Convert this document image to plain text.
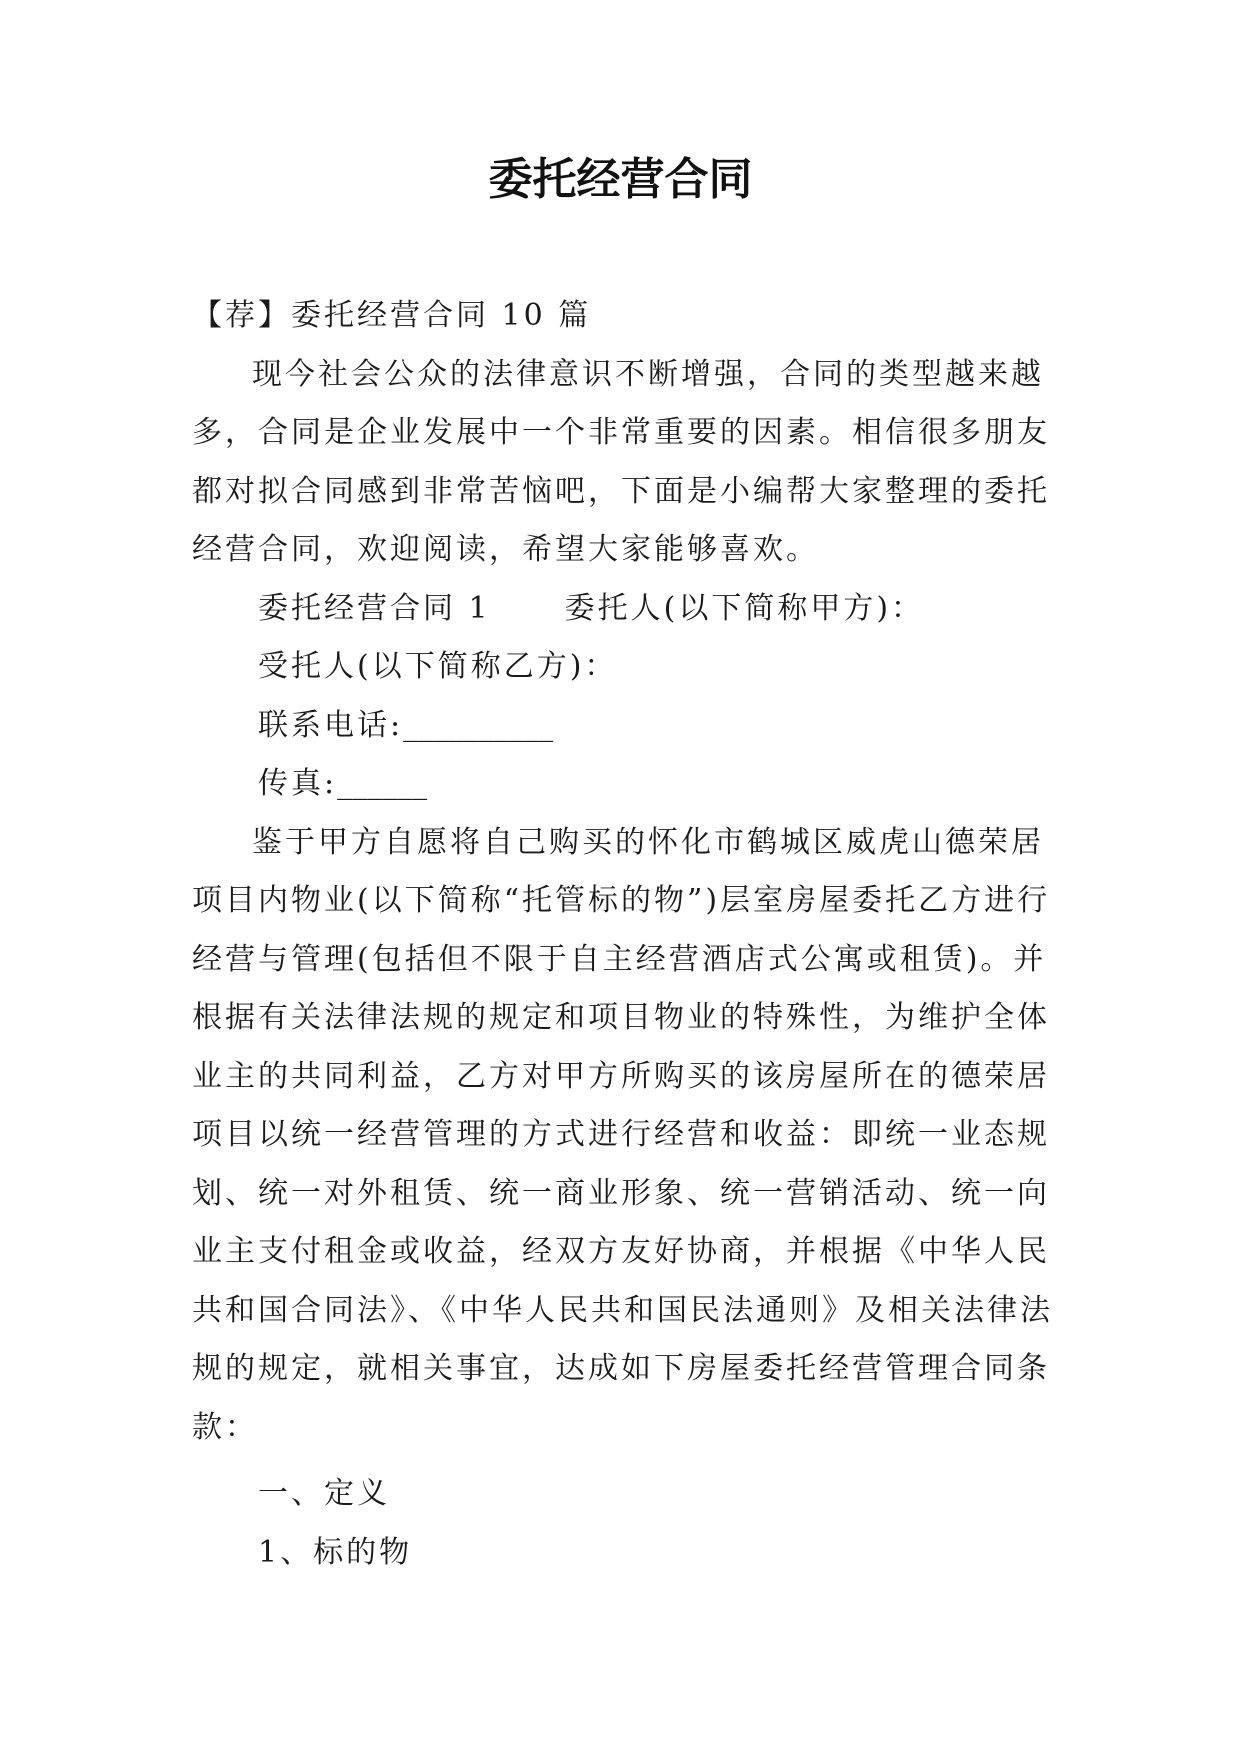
委托经营合同

【荐】委托经营合同 10 篇

现今社会公众的法律意识不断增强，合同的类型越来越多，合同是企业发展中一个非常重要的因素。相信很多朋友都对拟合同感到非常苦恼吧，下面是小编帮大家整理的委托经营合同，欢迎阅读，希望大家能够喜欢。

委托经营合同 1 委托人(以下简称甲方)：

受托人(以下简称乙方)：

联系电话:__________

传真:______

鉴于甲方自愿将自己购买的怀化市鹤城区威虎山德荣居项目内物业(以下简称“托管标的物”)层室房屋委托乙方进行经营与管理(包括但不限于自主经营酒店式公寓或租赁)。并根据有关法律法规的规定和项目物业的特殊性，为维护全体业主的共同利益，乙方对甲方所购买的该房屋所在的德荣居项目以统一经营管理的方式进行经营和收益：即统一业态规划、统一对外租赁、统一商业形象、统一营销活动、统一向业主支付租金或收益，经双方友好协商，并根据《中华人民共和国合同法》、《中华人民共和国民法通则》及相关法律法规的规定，就相关事宜，达成如下房屋委托经营管理合同条款：

一、定义

1、标的物
